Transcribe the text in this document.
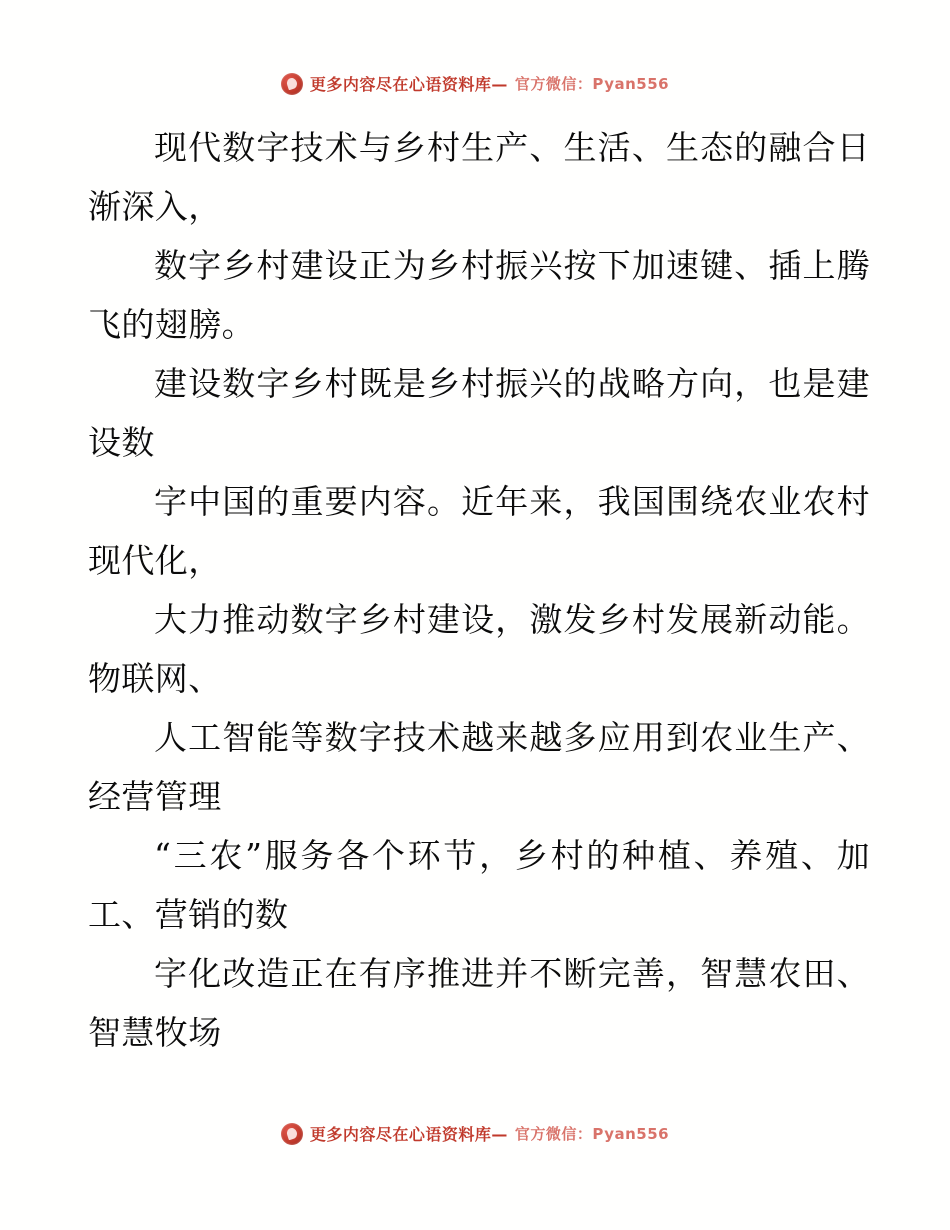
更多内容尽在心语资料库— 官方微信：Pyan556

现代数字技术与乡村生产、生活、生态的融合日渐深入，

数字乡村建设正为乡村振兴按下加速键、插上腾飞的翅膀。

建设数字乡村既是乡村振兴的战略方向，也是建设数

字中国的重要内容。近年来，我国围绕农业农村现代化，

大力推动数字乡村建设，激发乡村发展新动能。物联网、

人工智能等数字技术越来越多应用到农业生产、经营管理

“三农”服务各个环节，乡村的种植、养殖、加工、营销的数

字化改造正在有序推进并不断完善，智慧农田、智慧牧场

更多内容尽在心语资料库— 官方微信：Pyan556
